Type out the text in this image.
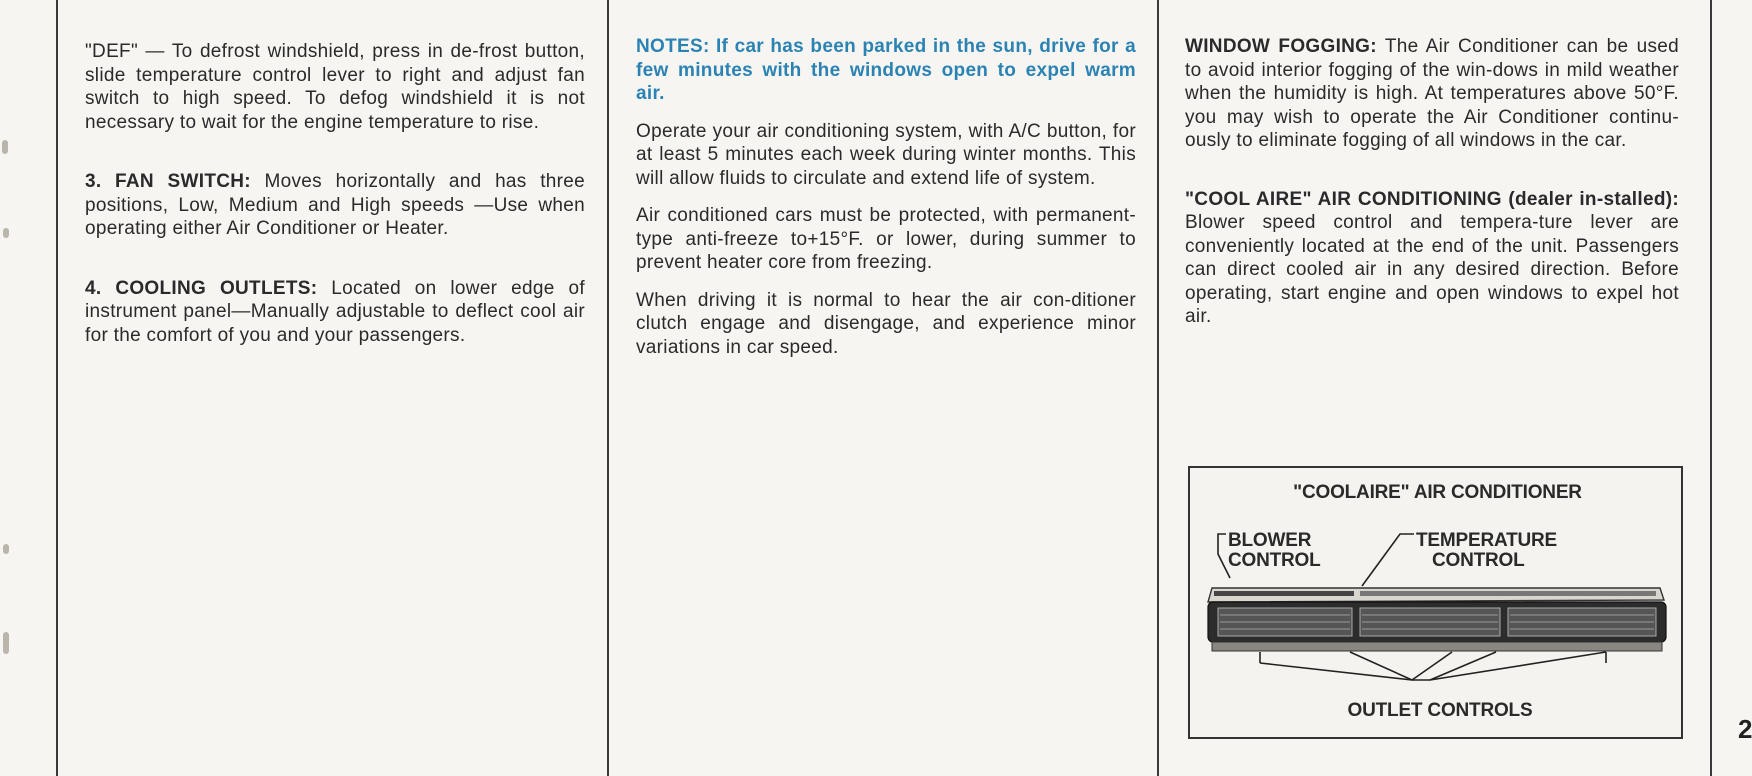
"DEF" — To defrost windshield, press in de-frost button, slide temperature control lever to right and adjust fan switch to high speed. To defog windshield it is not necessary to wait for the engine temperature to rise.

3. FAN SWITCH: Moves horizontally and has three positions, Low, Medium and High speeds —Use when operating either Air Conditioner or Heater.

4. COOLING OUTLETS: Located on lower edge of instrument panel—Manually adjustable to deflect cool air for the comfort of you and your passengers.

NOTES: If car has been parked in the sun, drive for a few minutes with the windows open to expel warm air.

Operate your air conditioning system, with A/C button, for at least 5 minutes each week during winter months. This will allow fluids to circulate and extend life of system.

Air conditioned cars must be protected, with permanent-type anti-freeze to+15°F. or lower, during summer to prevent heater core from freezing.

When driving it is normal to hear the air con-ditioner clutch engage and disengage, and experience minor variations in car speed.

WINDOW FOGGING: The Air Conditioner can be used to avoid interior fogging of the win-dows in mild weather when the humidity is high. At temperatures above 50°F. you may wish to operate the Air Conditioner continu-ously to eliminate fogging of all windows in the car.

"COOL AIRE" AIR CONDITIONING (dealer in-stalled): Blower speed control and tempera-ture lever are conveniently located at the end of the unit. Passengers can direct cooled air in any desired direction. Before operating, start engine and open windows to expel hot air.

"COOLAIRE" AIR CONDITIONER
BLOWER
CONTROL
TEMPERATURE
CONTROL
OUTLET CONTROLS
2
